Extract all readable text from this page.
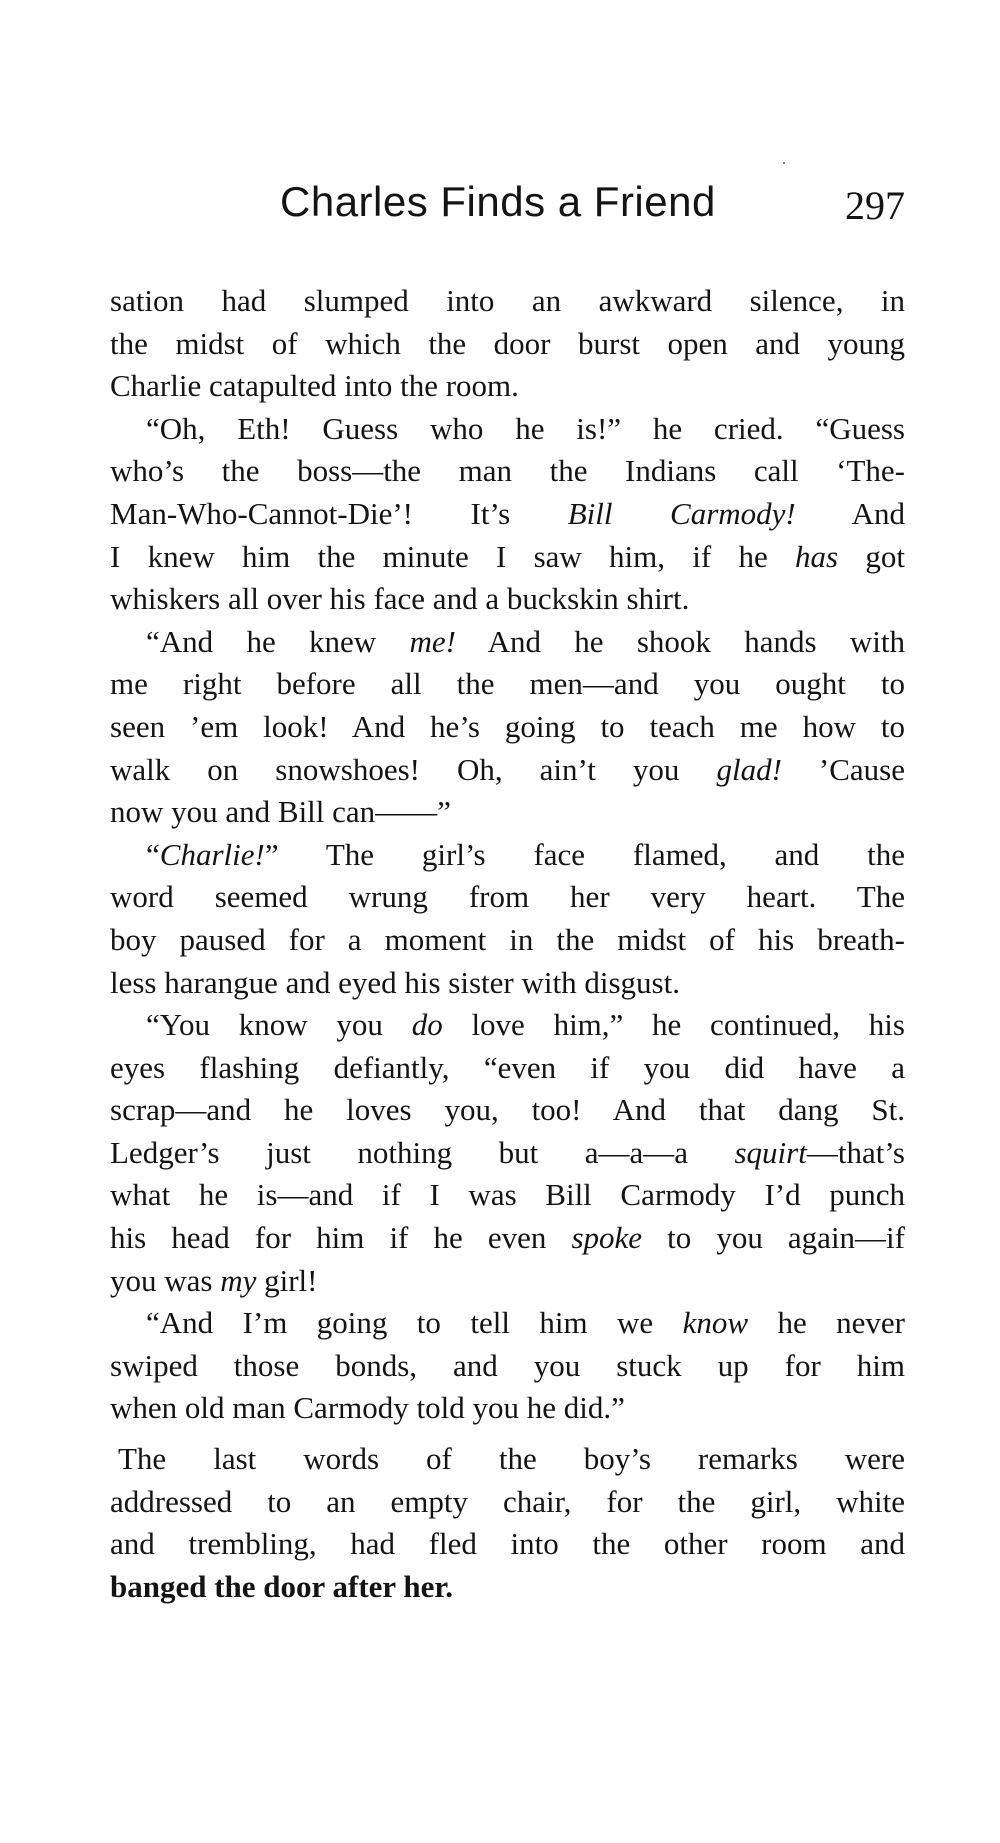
Charles Finds a Friend	297
sation had slumped into an awkward silence, in
the midst of which the door burst open and young
Charlie catapulted into the room.
“Oh, Eth! Guess who he is!” he cried. “Guess
who’s the boss—the man the Indians call ‘The-
Man-Who-Cannot-Die’! It’s Bill Carmody! And
I knew him the minute I saw him, if he has got
whiskers all over his face and a buckskin shirt.
“And he knew me! And he shook hands with
me right before all the men—and you ought to
seen ’em look! And he’s going to teach me how to
walk on snowshoes! Oh, ain’t you glad! ’Cause
now you and Bill can——”
“Charlie!” The girl’s face flamed, and the
word seemed wrung from her very heart. The
boy paused for a moment in the midst of his breath-
less harangue and eyed his sister with disgust.
“You know you do love him,” he continued, his
eyes flashing defiantly, “even if you did have a
scrap—and he loves you, too! And that dang St.
Ledger’s just nothing but a—a—a squirt—that’s
what he is—and if I was Bill Carmody I’d punch
his head for him if he even spoke to you again—if
you was my girl!
“And I’m going to tell him we know he never
swiped those bonds, and you stuck up for him
when old man Carmody told you he did.”
The last words of the boy’s remarks were
addressed to an empty chair, for the girl, white
and trembling, had fled into the other room and
banged the door after her.
